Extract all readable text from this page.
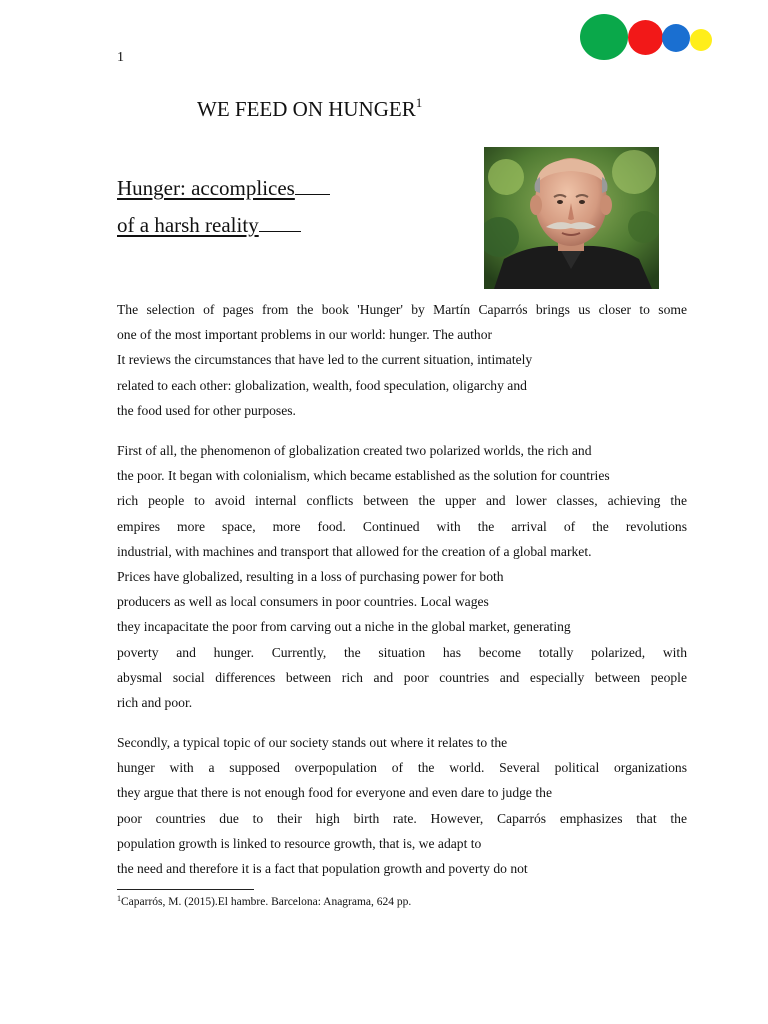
1
WE FEED ON HUNGER$^1$
Hunger: accomplices
of a harsh reality
The selection of pages from the book 'Hunger' by Martín Caparrós brings us closer to some
one of the most important problems in our world: hunger. The author
It reviews the circumstances that have led to the current situation, intimately
related to each other: globalization, wealth, food speculation, oligarchy and
the food used for other purposes.
First of all, the phenomenon of globalization created two polarized worlds, the rich and
the poor. It began with colonialism, which became established as the solution for countries
rich people to avoid internal conflicts between the upper and lower classes, achieving the
empires more space, more food. Continued with the arrival of the revolutions
industrial, with machines and transport that allowed for the creation of a global market.
Prices have globalized, resulting in a loss of purchasing power for both
producers as well as local consumers in poor countries. Local wages
they incapacitate the poor from carving out a niche in the global market, generating
poverty and hunger. Currently, the situation has become totally polarized, with
abysmal social differences between rich and poor countries and especially between people
rich and poor.
Secondly, a typical topic of our society stands out where it relates to the
hunger with a supposed overpopulation of the world. Several political organizations
they argue that there is not enough food for everyone and even dare to judge the
poor countries due to their high birth rate. However, Caparrós emphasizes that the
population growth is linked to resource growth, that is, we adapt to
the need and therefore it is a fact that population growth and poverty do not
$^1$Caparrós, M. (2015).El hambre. Barcelona: Anagrama, 624 pp.
